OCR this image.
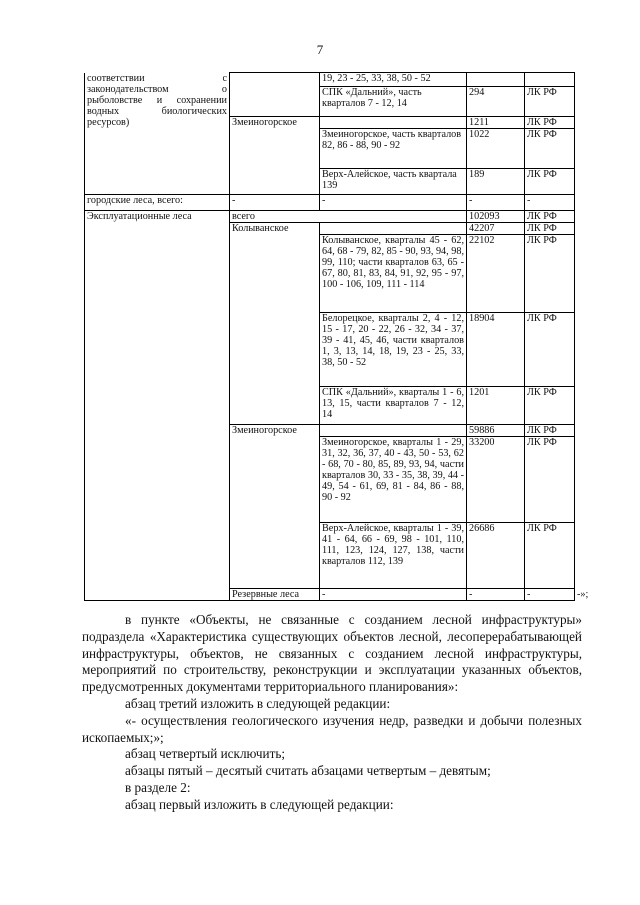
7
соответствии с законодательством о рыболовстве и сохранении водных биологических ресурсов)		19, 23 - 25, 33, 38, 50 - 52			
		СПК «Дальний», часть кварталов 7 - 12, 14	294	ЛК РФ	
	Змеиногорское		1211	ЛК РФ	
		Змеиногорское, часть кварталов 82, 86 - 88, 90 - 92	1022	ЛК РФ	
		Верх-Алейское, часть квартала 139	189	ЛК РФ	
городские леса, всего:	-	-	-	-	
Эксплуатационные леса	всего		102093	ЛК РФ	
	Колыванское		42207	ЛК РФ	
		Колыванское, кварталы 45 - 62, 64, 68 - 79, 82, 85 - 90, 93, 94, 98, 99, 110; части кварталов 63, 65 - 67, 80, 81, 83, 84, 91, 92, 95 - 97, 100 - 106, 109, 111 - 114	22102	ЛК РФ	
		Белорецкое, кварталы 2, 4 - 12, 15 - 17, 20 - 22, 26 - 32, 34 - 37, 39 - 41, 45, 46, части кварталов 1, 3, 13, 14, 18, 19, 23 - 25, 33, 38, 50 - 52	18904	ЛК РФ	
		СПК «Дальний», кварталы 1 - 6, 13, 15, части кварталов 7 - 12, 14	1201	ЛК РФ	
	Змеиногорское		59886	ЛК РФ	
		Змеиногорское, кварталы 1 - 29, 31, 32, 36, 37, 40 - 43, 50 - 53, 62 - 68, 70 - 80, 85, 89, 93, 94, части кварталов 30, 33 - 35, 38, 39, 44 - 49, 54 - 61, 69, 81 - 84, 86 - 88, 90 - 92	33200	ЛК РФ	
		Верх-Алейское, кварталы 1 - 39, 41 - 64, 66 - 69, 98 - 101, 110, 111, 123, 124, 127, 138, части кварталов 112, 139	26686	ЛК РФ	
	Резервные леса	-	-	-	-»;

в пункте «Объекты, не связанные с созданием лесной инфраструктуры» подраздела «Характеристика существующих объектов лесной, лесоперерабатывающей инфраструктуры, объектов, не связанных с созданием лесной инфраструктуры, мероприятий по строительству, реконструкции и эксплуатации указанных объектов, предусмотренных документами территориального планирования»:

абзац третий изложить в следующей редакции:

«- осуществления геологического изучения недр, разведки и добычи полезных ископаемых;»;

абзац четвертый исключить;

абзацы пятый – десятый считать абзацами четвертым – девятым;

в разделе 2:

абзац первый изложить в следующей редакции:
